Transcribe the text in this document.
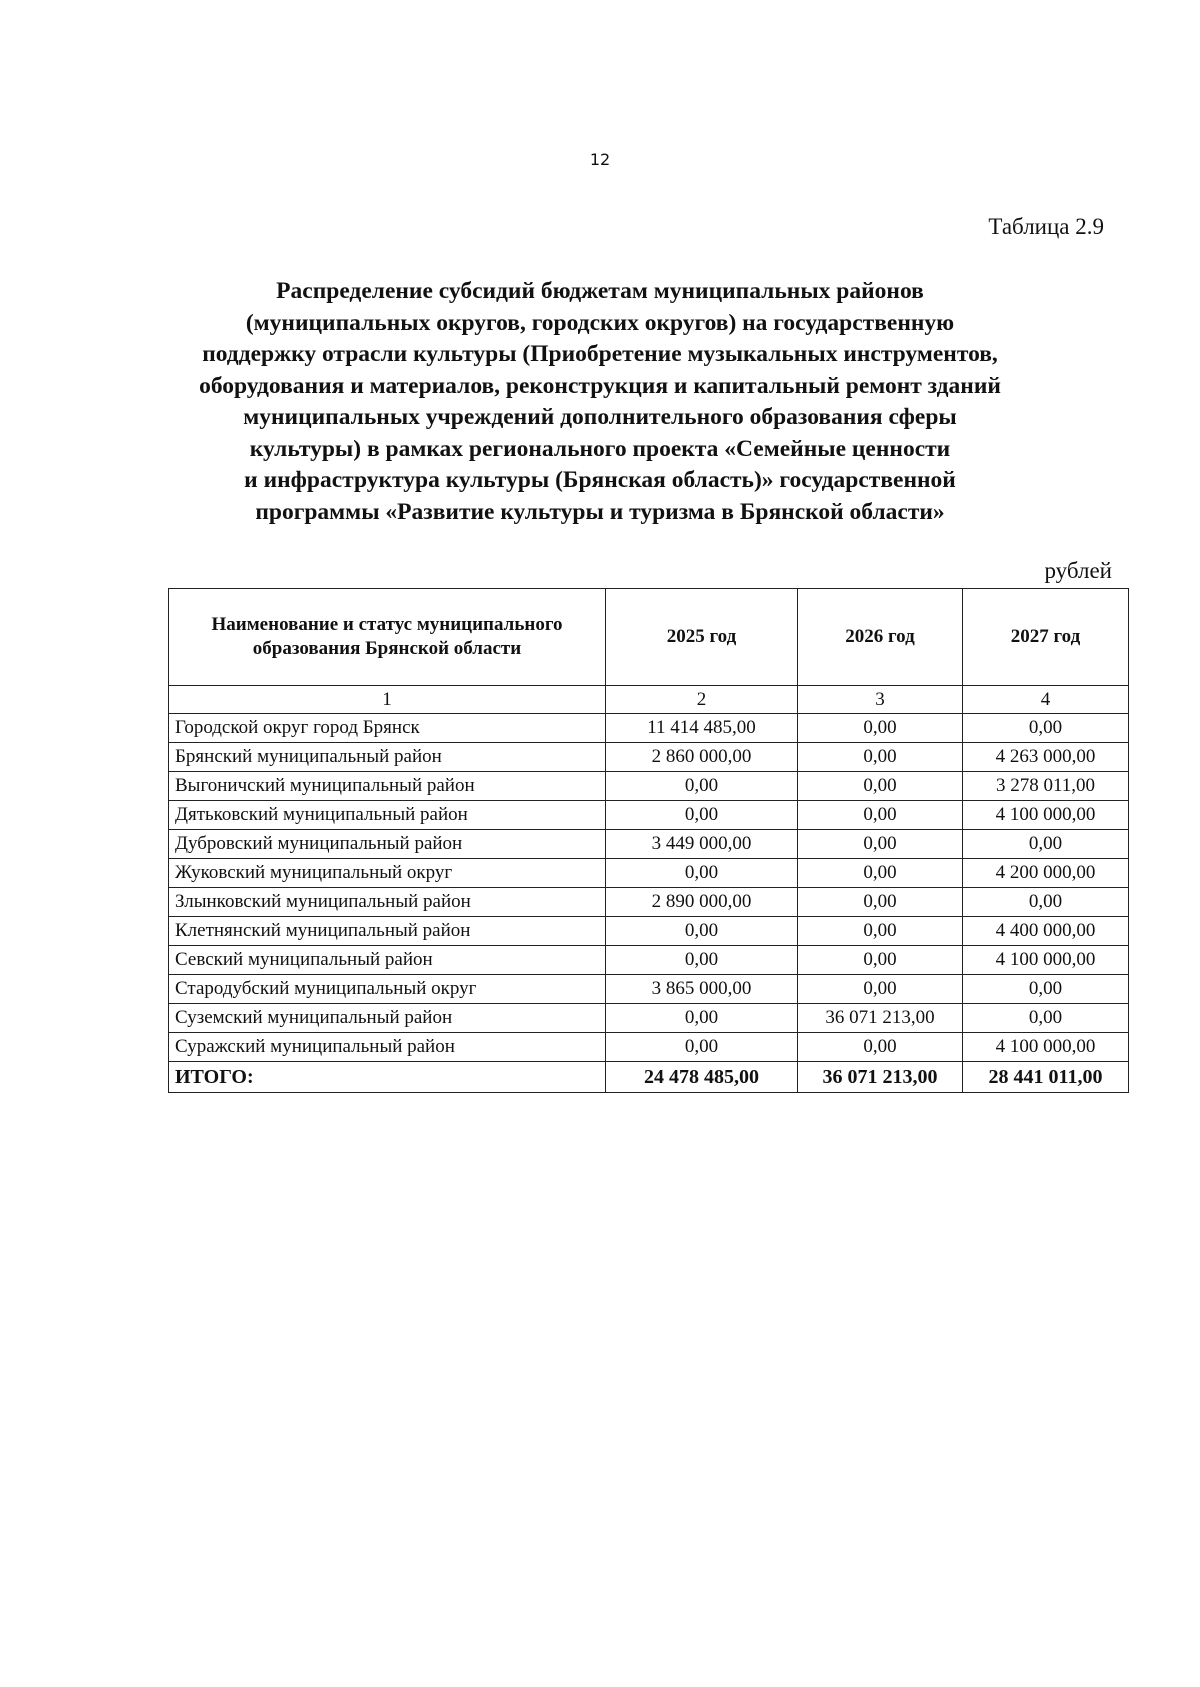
12
Таблица 2.9
Распределение субсидий бюджетам муниципальных районов
(муниципальных округов, городских округов) на государственную
поддержку отрасли культуры (Приобретение музыкальных инструментов,
оборудования и материалов, реконструкция и капитальный ремонт зданий
муниципальных учреждений дополнительного образования сферы
культуры) в рамках регионального проекта «Семейные ценности
и инфраструктура культуры (Брянская область)» государственной
программы «Развитие культуры и туризма в Брянской области»
рублей
Наименование и статус муниципального образования Брянской области	2025 год	2026 год	2027 год
1	2	3	4
Городской округ город Брянск	11 414 485,00	0,00	0,00
Брянский муниципальный район	2 860 000,00	0,00	4 263 000,00
Выгоничский муниципальный район	0,00	0,00	3 278 011,00
Дятьковский муниципальный район	0,00	0,00	4 100 000,00
Дубровский муниципальный район	3 449 000,00	0,00	0,00
Жуковский муниципальный округ	0,00	0,00	4 200 000,00
Злынковский муниципальный район	2 890 000,00	0,00	0,00
Клетнянский муниципальный район	0,00	0,00	4 400 000,00
Севский муниципальный район	0,00	0,00	4 100 000,00
Стародубский муниципальный округ	3 865 000,00	0,00	0,00
Суземский муниципальный район	0,00	36 071 213,00	0,00
Суражский муниципальный район	0,00	0,00	4 100 000,00
ИТОГО:	24 478 485,00	36 071 213,00	28 441 011,00
